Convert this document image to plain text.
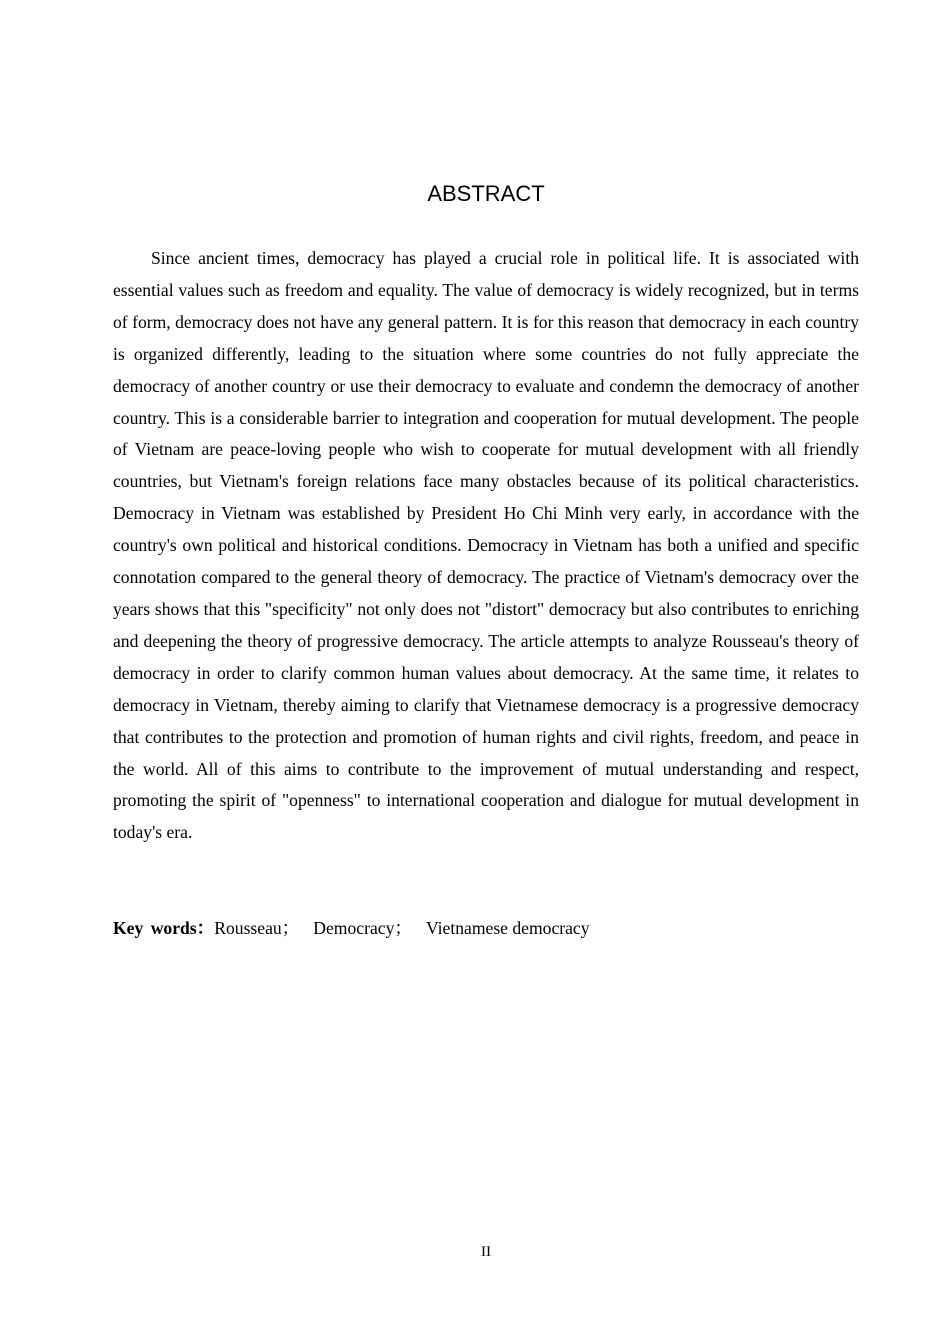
ABSTRACT

Since ancient times, democracy has played a crucial role in political life. It is associated with essential values such as freedom and equality. The value of democracy is widely recognized, but in terms of form, democracy does not have any general pattern. It is for this reason that democracy in each country is organized differently, leading to the situation where some countries do not fully appreciate the democracy of another country or use their democracy to evaluate and condemn the democracy of another country. This is a considerable barrier to integration and cooperation for mutual development. The people of Vietnam are peace-loving people who wish to cooperate for mutual development with all friendly countries, but Vietnam's foreign relations face many obstacles because of its political characteristics. Democracy in Vietnam was established by President Ho Chi Minh very early, in accordance with the country's own political and historical conditions. Democracy in Vietnam has both a unified and specific connotation compared to the general theory of democracy. The practice of Vietnam's democracy over the years shows that this "specificity" not only does not "distort" democracy but also contributes to enriching and deepening the theory of progressive democracy. The article attempts to analyze Rousseau's theory of democracy in order to clarify common human values about democracy. At the same time, it relates to democracy in Vietnam, thereby aiming to clarify that Vietnamese democracy is a progressive democracy that contributes to the protection and promotion of human rights and civil rights, freedom, and peace in the world. All of this aims to contribute to the improvement of mutual understanding and respect, promoting the spirit of "openness" to international cooperation and dialogue for mutual development in today's era.

Key words：Rousseau； Democracy； Vietnamese democracy

II
